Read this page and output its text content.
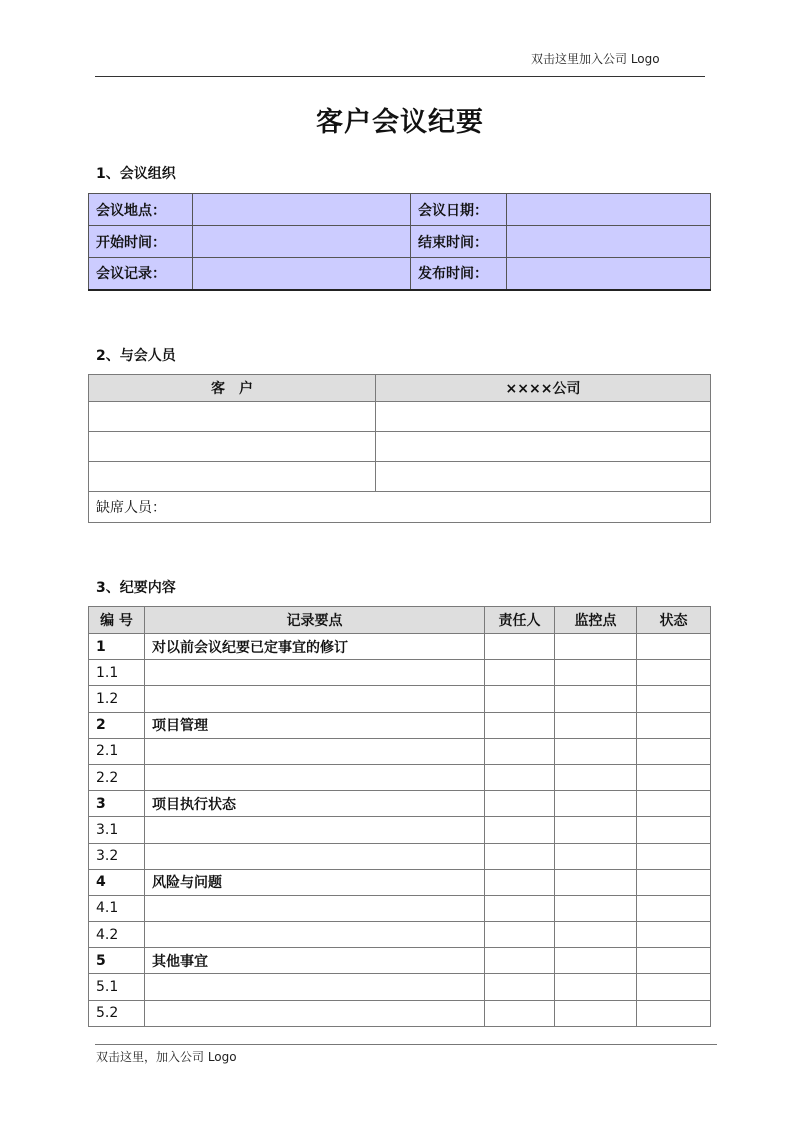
双击这里加入公司 Logo
客户会议纪要
1、会议组织
会议地点：		会议日期：	
开始时间：		结束时间：	
会议记录：		发布时间：	
2、与会人员
客　户	××××公司

缺席人员：	
3、纪要内容
编 号	记录要点	责任人	监控点	状态
1	对以前会议纪要已定事宜的修订			
1.1				
1.2				
2	项目管理			
2.1				
2.2				
3	项目执行状态			
3.1				
3.2				
4	风险与问题			
4.1				
4.2				
5	其他事宜			
5.1				
5.2				
双击这里，加入公司 Logo
